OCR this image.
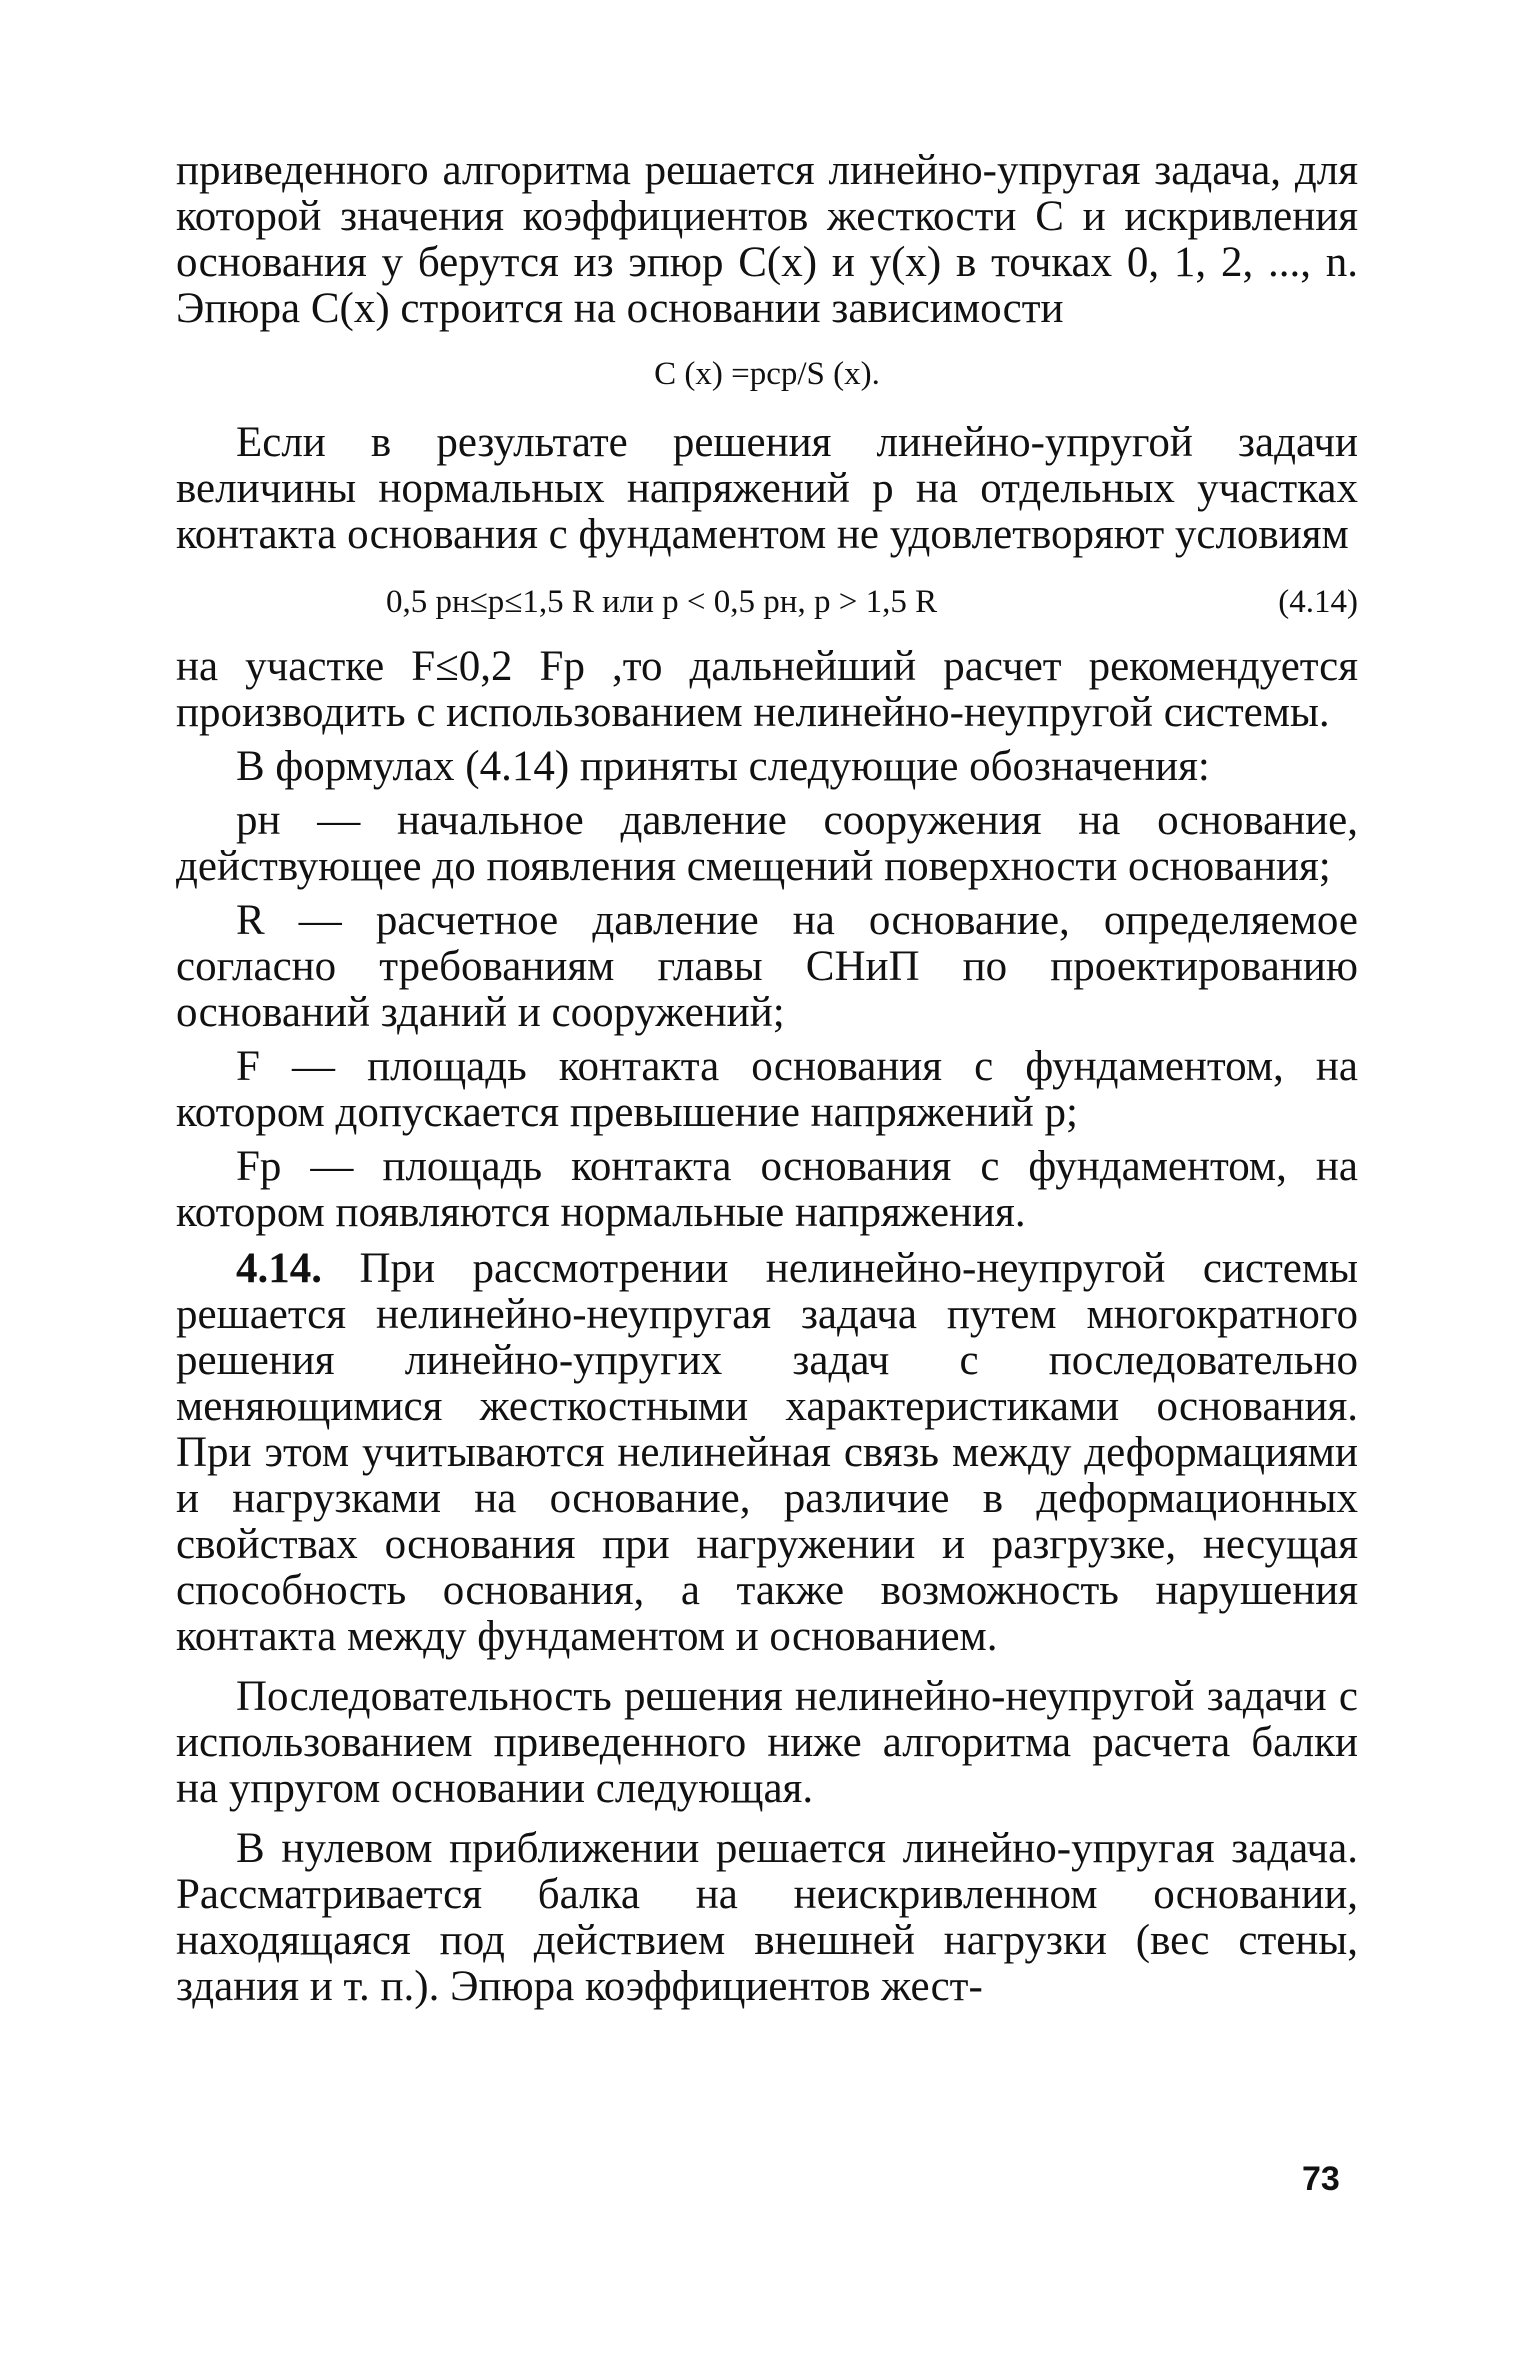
приведенного алгоритма решается линейно-упругая задача, для которой значения коэффициентов жесткости C и искривления основания y берутся из эпюр C(x) и y(x) в точках 0, 1, 2, ..., n. Эпюра C(x) строится на основании зависимости

C (x) =pср/S (x).

Если в результате решения линейно-упругой задачи величины нормальных напряжений p на отдельных участках контакта основания с фундаментом не удовлетворяют условиям

0,5 pн≤p≤1,5 R или p < 0,5 pн, p > 1,5 R	(4.14)

на участке F≤0,2 Fр ,то дальнейший расчет рекомендуется производить с использованием нелинейно-неупругой системы.

В формулах (4.14) приняты следующие обозначения:

pн — начальное давление сооружения на основание, действующее до появления смещений поверхности основания;

R — расчетное давление на основание, определяемое согласно требованиям главы СНиП по проектированию оснований зданий и сооружений;

F — площадь контакта основания с фундаментом, на котором допускается превышение напряжений p;

Fр — площадь контакта основания с фундаментом, на котором появляются нормальные напряжения.

4.14. При рассмотрении нелинейно-неупругой системы решается нелинейно-неупругая задача путем многократного решения линейно-упругих задач с последовательно меняющимися жесткостными характеристиками основания. При этом учитываются нелинейная связь между деформациями и нагрузками на основание, различие в деформационных свойствах основания при нагружении и разгрузке, несущая способность основания, а также возможность нарушения контакта между фундаментом и основанием.

Последовательность решения нелинейно-неупругой задачи с использованием приведенного ниже алгоритма расчета балки на упругом основании следующая.

В нулевом приближении решается линейно-упругая задача. Рассматривается балка на неискривленном основании, находящаяся под действием внешней нагрузки (вес стены, здания и т. п.). Эпюра коэффициентов жест-

73
